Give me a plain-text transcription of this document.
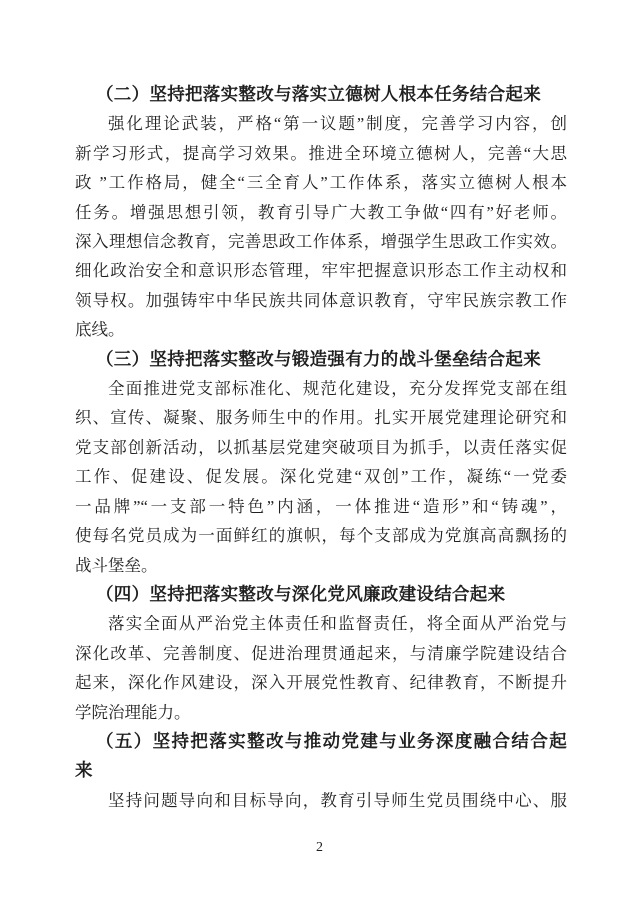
（二）坚持把落实整改与落实立德树人根本任务结合起来
强化理论武装，严格“第一议题”制度，完善学习内容，创
新学习形式，提高学习效果。推进全环境立德树人，完善“大思
政 ”工作格局，健全“三全育人”工作体系，落实立德树人根本
任务。增强思想引领，教育引导广大教工争做“四有”好老师。
深入理想信念教育，完善思政工作体系，增强学生思政工作实效。
细化政治安全和意识形态管理，牢牢把握意识形态工作主动权和
领导权。加强铸牢中华民族共同体意识教育，守牢民族宗教工作
底线。
（三）坚持把落实整改与锻造强有力的战斗堡垒结合起来
全面推进党支部标准化、规范化建设，充分发挥党支部在组
织、宣传、凝聚、服务师生中的作用。扎实开展党建理论研究和
党支部创新活动，以抓基层党建突破项目为抓手，以责任落实促
工作、促建设、促发展。深化党建“双创”工作，凝练“一党委
一品牌”“一支部一特色”内涵，一体推进“造形”和“铸魂”，
使每名党员成为一面鲜红的旗帜，每个支部成为党旗高高飘扬的
战斗堡垒。
（四）坚持把落实整改与深化党风廉政建设结合起来
落实全面从严治党主体责任和监督责任，将全面从严治党与
深化改革、完善制度、促进治理贯通起来，与清廉学院建设结合
起来，深化作风建设，深入开展党性教育、纪律教育，不断提升
学院治理能力。
（五）坚持把落实整改与推动党建与业务深度融合结合起
来
坚持问题导向和目标导向，教育引导师生党员围绕中心、服
2
